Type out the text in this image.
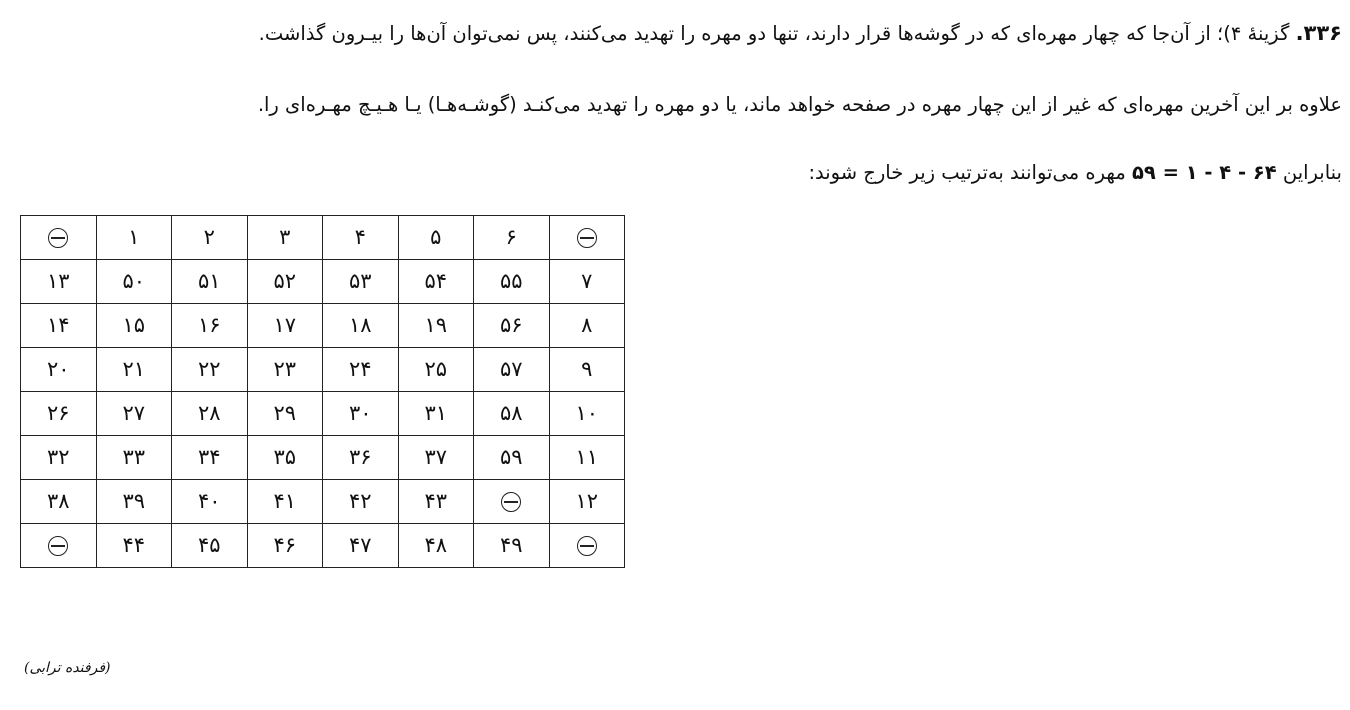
۳۳۶. گزینهٔ ۴)؛ از آن‌جا که چهار مهره‌ای که در گوشه‌ها قرار دارند، تنها دو مهره را تهدید می‌کنند، پس نمی‌توان آن‌ها را بیـرون گذاشت.
علاوه بر این آخرین مهره‌ای که غیر از این چهار مهره در صفحه خواهد ماند، یا دو مهره را تهدید می‌کنـد (گوشـه‌هـا) یـا هـیـچ مهـره‌ای را.
بنابراین ۵۹ = ۱ - ۴ - ۶۴ مهره می‌توانند به‌ترتیب زیر خارج شوند:
	۱	۲	۳	۴	۵	۶	
۱۳	۵۰	۵۱	۵۲	۵۳	۵۴	۵۵	۷
۱۴	۱۵	۱۶	۱۷	۱۸	۱۹	۵۶	۸
۲۰	۲۱	۲۲	۲۳	۲۴	۲۵	۵۷	۹
۲۶	۲۷	۲۸	۲۹	۳۰	۳۱	۵۸	۱۰
۳۲	۳۳	۳۴	۳۵	۳۶	۳۷	۵۹	۱۱
۳۸	۳۹	۴۰	۴۱	۴۲	۴۳		۱۲
	۴۴	۴۵	۴۶	۴۷	۴۸	۴۹	
(فرفنده ترابی)
